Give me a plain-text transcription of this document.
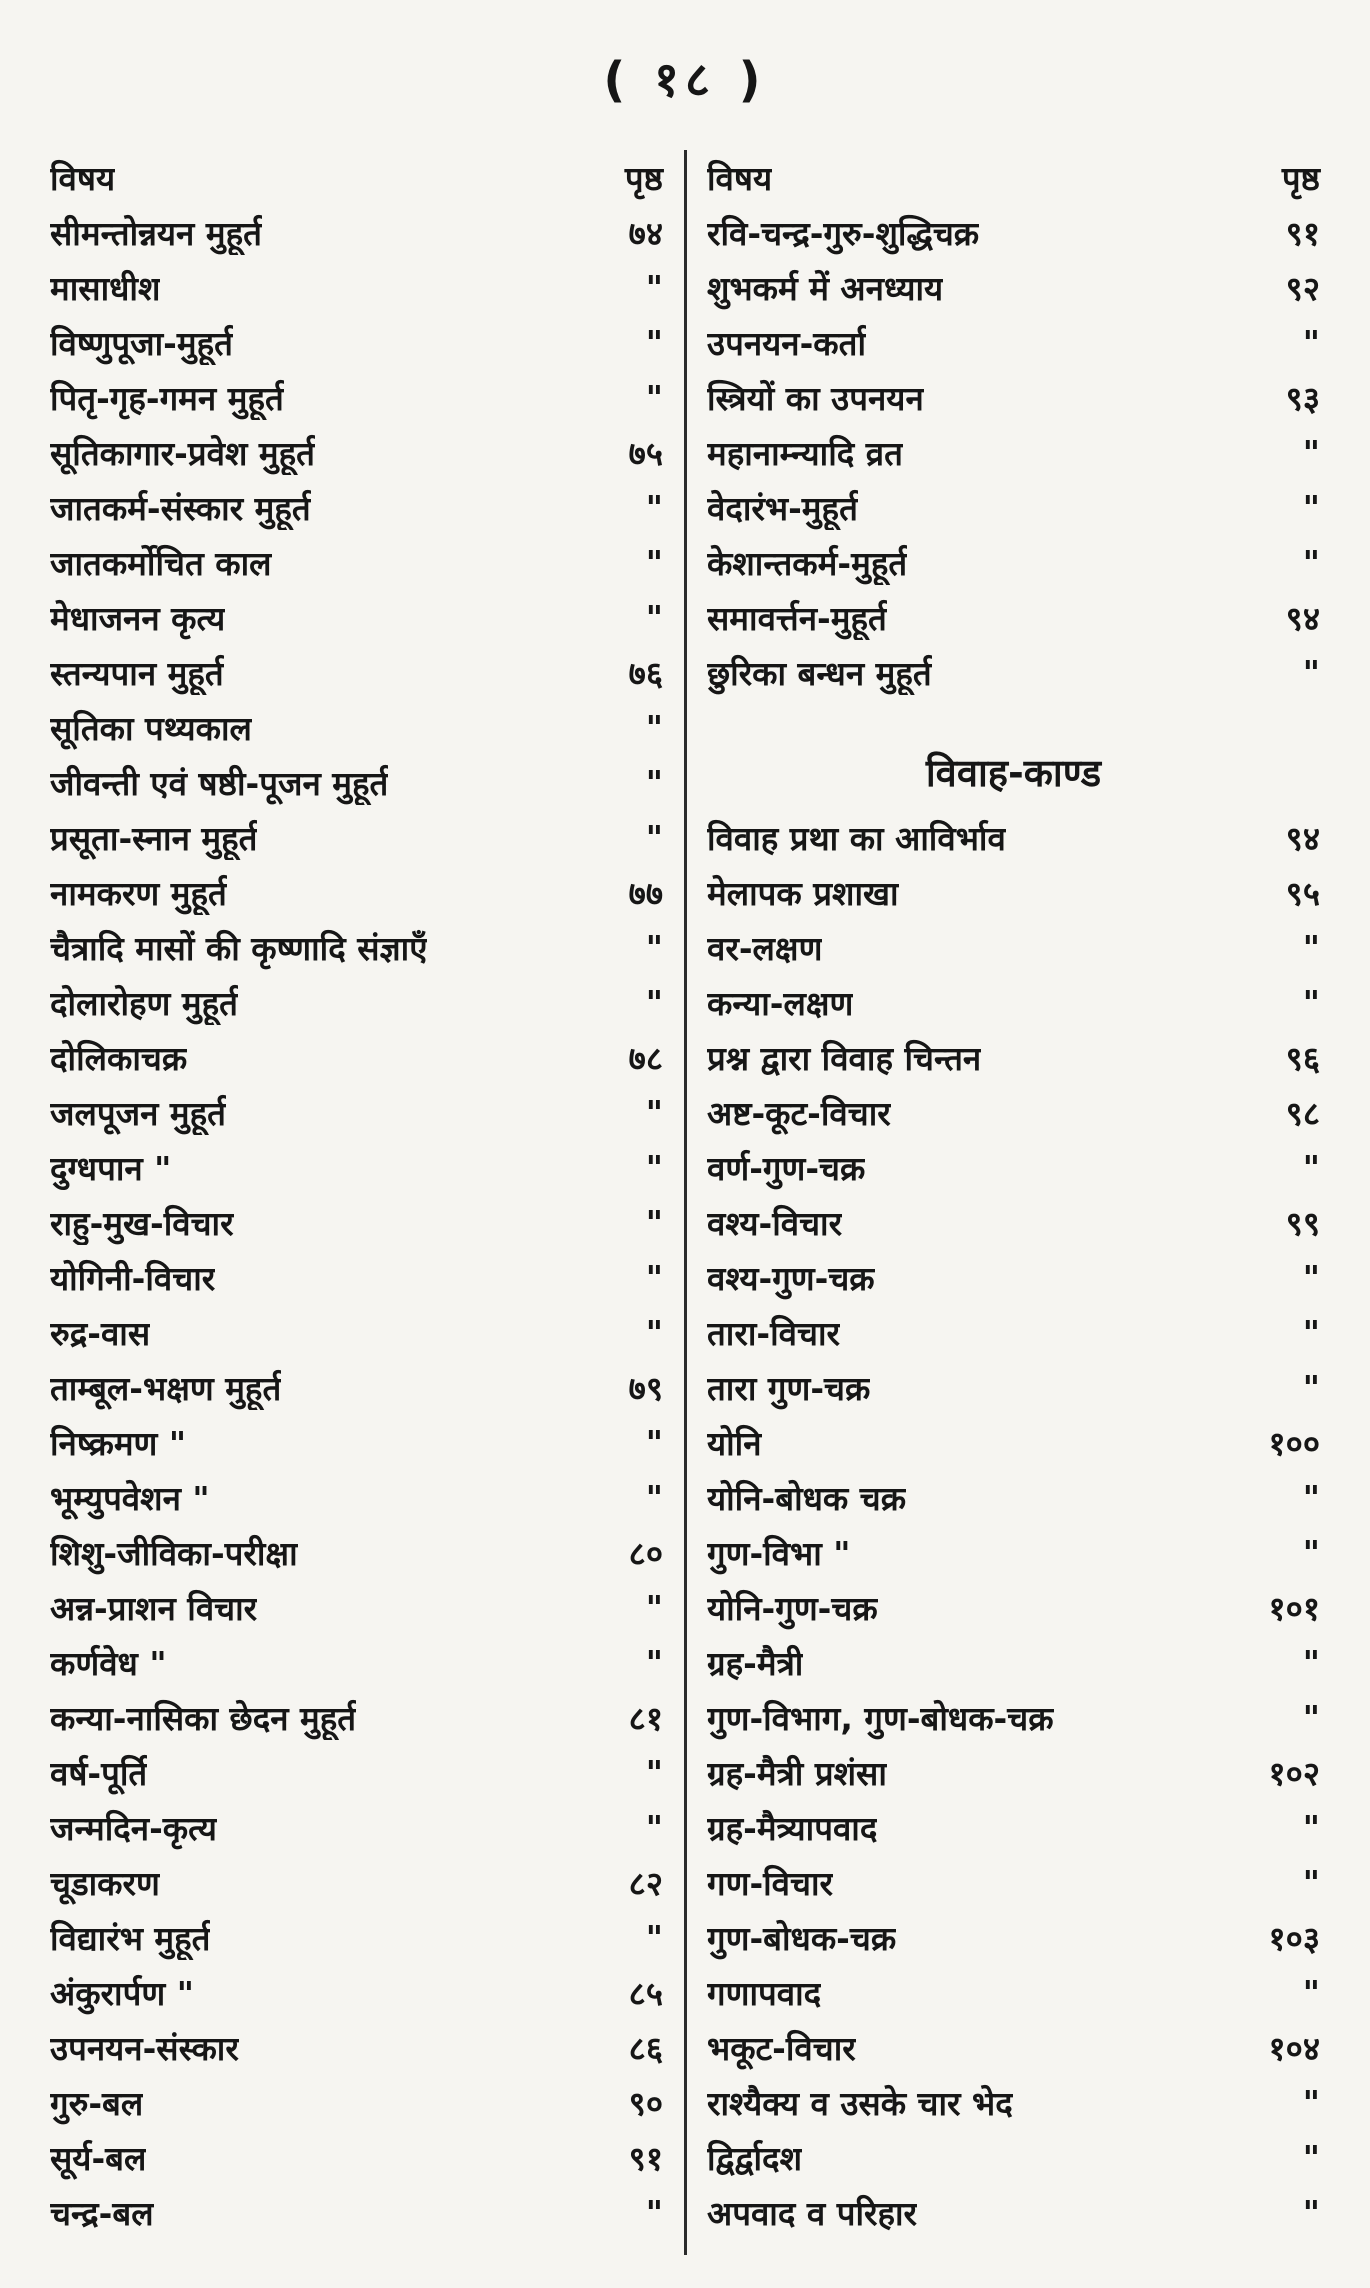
( १८ )
विषय	पृष्ठ
सीमन्तोन्नयन मुहूर्त	७४
मासाधीश	"
विष्णुपूजा-मुहूर्त	"
पितृ-गृह-गमन मुहूर्त	"
सूतिकागार-प्रवेश मुहूर्त	७५
जातकर्म-संस्कार मुहूर्त	"
जातकर्मोचित काल	"
मेधाजनन कृत्य	"
स्तन्यपान मुहूर्त	७६
सूतिका पथ्यकाल	"
जीवन्ती एवं षष्ठी-पूजन मुहूर्त	"
प्रसूता-स्नान मुहूर्त	"
नामकरण मुहूर्त	७७
चैत्रादि मासों की कृष्णादि संज्ञाएँ	"
दोलारोहण मुहूर्त	"
दोलिकाचक्र	७८
जलपूजन मुहूर्त	"
दुग्धपान "	"
राहु-मुख-विचार	"
योगिनी-विचार	"
रुद्र-वास	"
ताम्बूल-भक्षण मुहूर्त	७९
निष्क्रमण "	"
भूम्युपवेशन "	"
शिशु-जीविका-परीक्षा	८०
अन्न-प्राशन विचार	"
कर्णवेध "	"
कन्या-नासिका छेदन मुहूर्त	८१
वर्ष-पूर्ति	"
जन्मदिन-कृत्य	"
चूडाकरण	८२
विद्यारंभ मुहूर्त	"
अंकुरार्पण "	८५
उपनयन-संस्कार	८६
गुरु-बल	९०
सूर्य-बल	९१
चन्द्र-बल	"
विषय	पृष्ठ
रवि-चन्द्र-गुरु-शुद्धिचक्र	९१
शुभकर्म में अनध्याय	९२
उपनयन-कर्ता	"
स्त्रियों का उपनयन	९३
महानाम्न्यादि व्रत	"
वेदारंभ-मुहूर्त	"
केशान्तकर्म-मुहूर्त	"
समावर्त्तन-मुहूर्त	९४
छुरिका बन्धन मुहूर्त	"
विवाह-काण्ड
विवाह प्रथा का आविर्भाव	९४
मेलापक प्रशाखा	९५
वर-लक्षण	"
कन्या-लक्षण	"
प्रश्न द्वारा विवाह चिन्तन	९६
अष्ट-कूट-विचार	९८
वर्ण-गुण-चक्र	"
वश्य-विचार	९९
वश्य-गुण-चक्र	"
तारा-विचार	"
तारा गुण-चक्र	"
योनि	१००
योनि-बोधक चक्र	"
गुण-विभा "	"
योनि-गुण-चक्र	१०१
ग्रह-मैत्री	"
गुण-विभाग, गुण-बोधक-चक्र	"
ग्रह-मैत्री प्रशंसा	१०२
ग्रह-मैत्र्यापवाद	"
गण-विचार	"
गुण-बोधक-चक्र	१०३
गणापवाद	"
भकूट-विचार	१०४
राश्यैक्य व उसके चार भेद	"
द्विर्द्वादश	"
अपवाद व परिहार	"
